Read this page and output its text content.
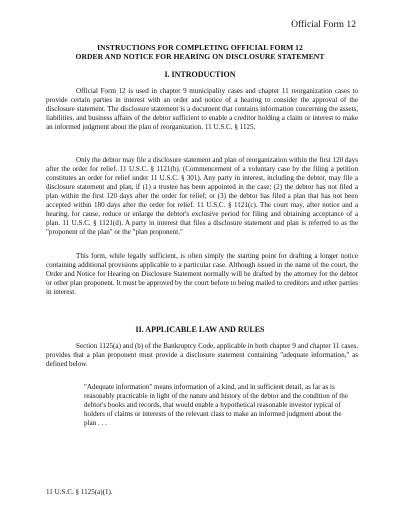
Official Form 12
INSTRUCTIONS FOR COMPLETING OFFICIAL FORM 12
ORDER AND NOTICE FOR HEARING ON DISCLOSURE STATEMENT
I. INTRODUCTION

Official Form 12 is used in chapter 9 municipality cases and chapter 11 reorganization cases to provide certain parties in interest with an order and notice of a hearing to consider the approval of the disclosure statement. The disclosure statement is a document that contains information concerning the assets, liabilities, and business affairs of the debtor sufficient to enable a creditor holding a claim or interest to make an informed judgment about the plan of reorganization. 11 U.S.C. § 1125.

Only the debtor may file a disclosure statement and plan of reorganization within the first 120 days after the order for relief. 11 U.S.C. § 1121(b). (Commencement of a voluntary case by the filing a petition constitutes an order for relief under 11 U.S.C. § 301). Any party in interest, including the debtor, may file a disclosure statement and plan, if (1) a trustee has been appointed in the case; (2) the debtor has not filed a plan within the first 120 days after the order for relief; or (3) the debtor has filed a plan that has not been accepted within 180 days after the order for relief. 11 U.S.C. § 1121(c). The court may, after notice and a hearing, for cause, reduce or enlarge the debtor's exclusive period for filing and obtaining acceptance of a plan. 11 U.S.C. § 1121(d). A party in interest that files a disclosure statement and plan is referred to as the "proponent of the plan" or the "plan proponent."

This form, while legally sufficient, is often simply the starting point for drafting a longer notice containing additional provisions applicable to a particular case. Although issued in the name of the court, the Order and Notice for Hearing on Disclosure Statement normally will be drafted by the attorney for the debtor or other plan proponent. It must be approved by the court before to being mailed to creditors and other parties in interest.

II. APPLICABLE LAW AND RULES

Section 1125(a) and (b) of the Bankruptcy Code, applicable in both chapter 9 and chapter 11 cases, provides that a plan proponent must provide a disclosure statement containing "adequate information," as defined below.

"Adequate information" means information of a kind, and in sufficient detail, as far as is reasonably practicable in light of the nature and history of the debtor and the condition of the debtor's books and records, that would enable a hypothetical reasonable investor typical of holders of claims or interests of the relevant class to make an informed judgment about the plan . . .

11 U.S.C. § 1125(a)(1).
